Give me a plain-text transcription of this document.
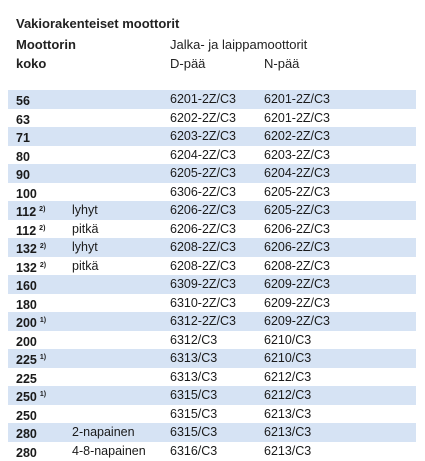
Vakiorakenteiset moottorit
Moottorin
koko
Jalka- ja laippamoottorit
D-pää	N-pää
56	6201-2Z/C3 6201-2Z/C3
63	6202-2Z/C3 6201-2Z/C3
71	6203-2Z/C3 6202-2Z/C3
80	6204-2Z/C3 6203-2Z/C3
90	6205-2Z/C3 6204-2Z/C3
100	6306-2Z/C3 6205-2Z/C3
112 $^{2)}$ lyhyt	6206-2Z/C3 6205-2Z/C3
112 $^{2)}$ pitkä	6206-2Z/C3 6206-2Z/C3
132 $^{2)}$ lyhyt	6208-2Z/C3 6206-2Z/C3
132 $^{2)}$ pitkä	6208-2Z/C3 6208-2Z/C3
160	6309-2Z/C3 6209-2Z/C3
180	6310-2Z/C3 6209-2Z/C3
200 $^{1)}$	6312-2Z/C3 6209-2Z/C3
200	6312/C3	6210/C3
225 $^{1)}$	6313/C3	6210/C3
225	6313/C3	6212/C3
250 $^{1)}$	6315/C3	6212/C3
250	6315/C3	6213/C3
280	2-napainen	6315/C3	6213/C3
280	4-8-napainen 6316/C3	6213/C3
